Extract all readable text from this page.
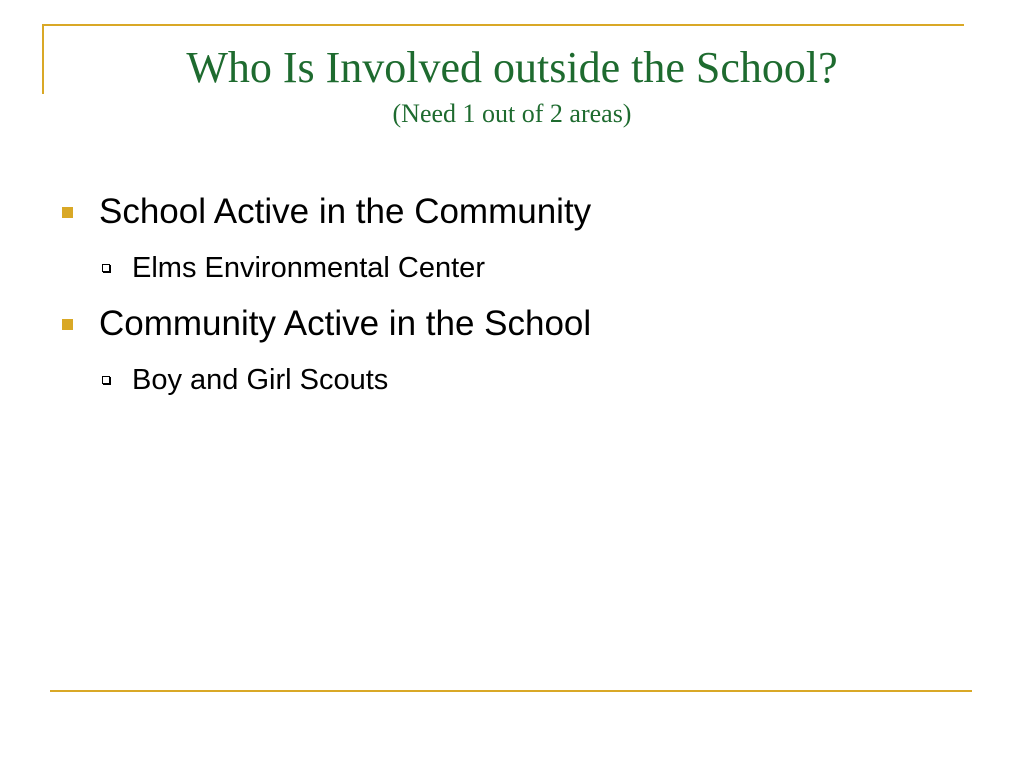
Who Is Involved outside the School?
(Need 1 out of 2 areas)
School Active in the Community
Elms Environmental Center
Community Active in the School
Boy and Girl Scouts
